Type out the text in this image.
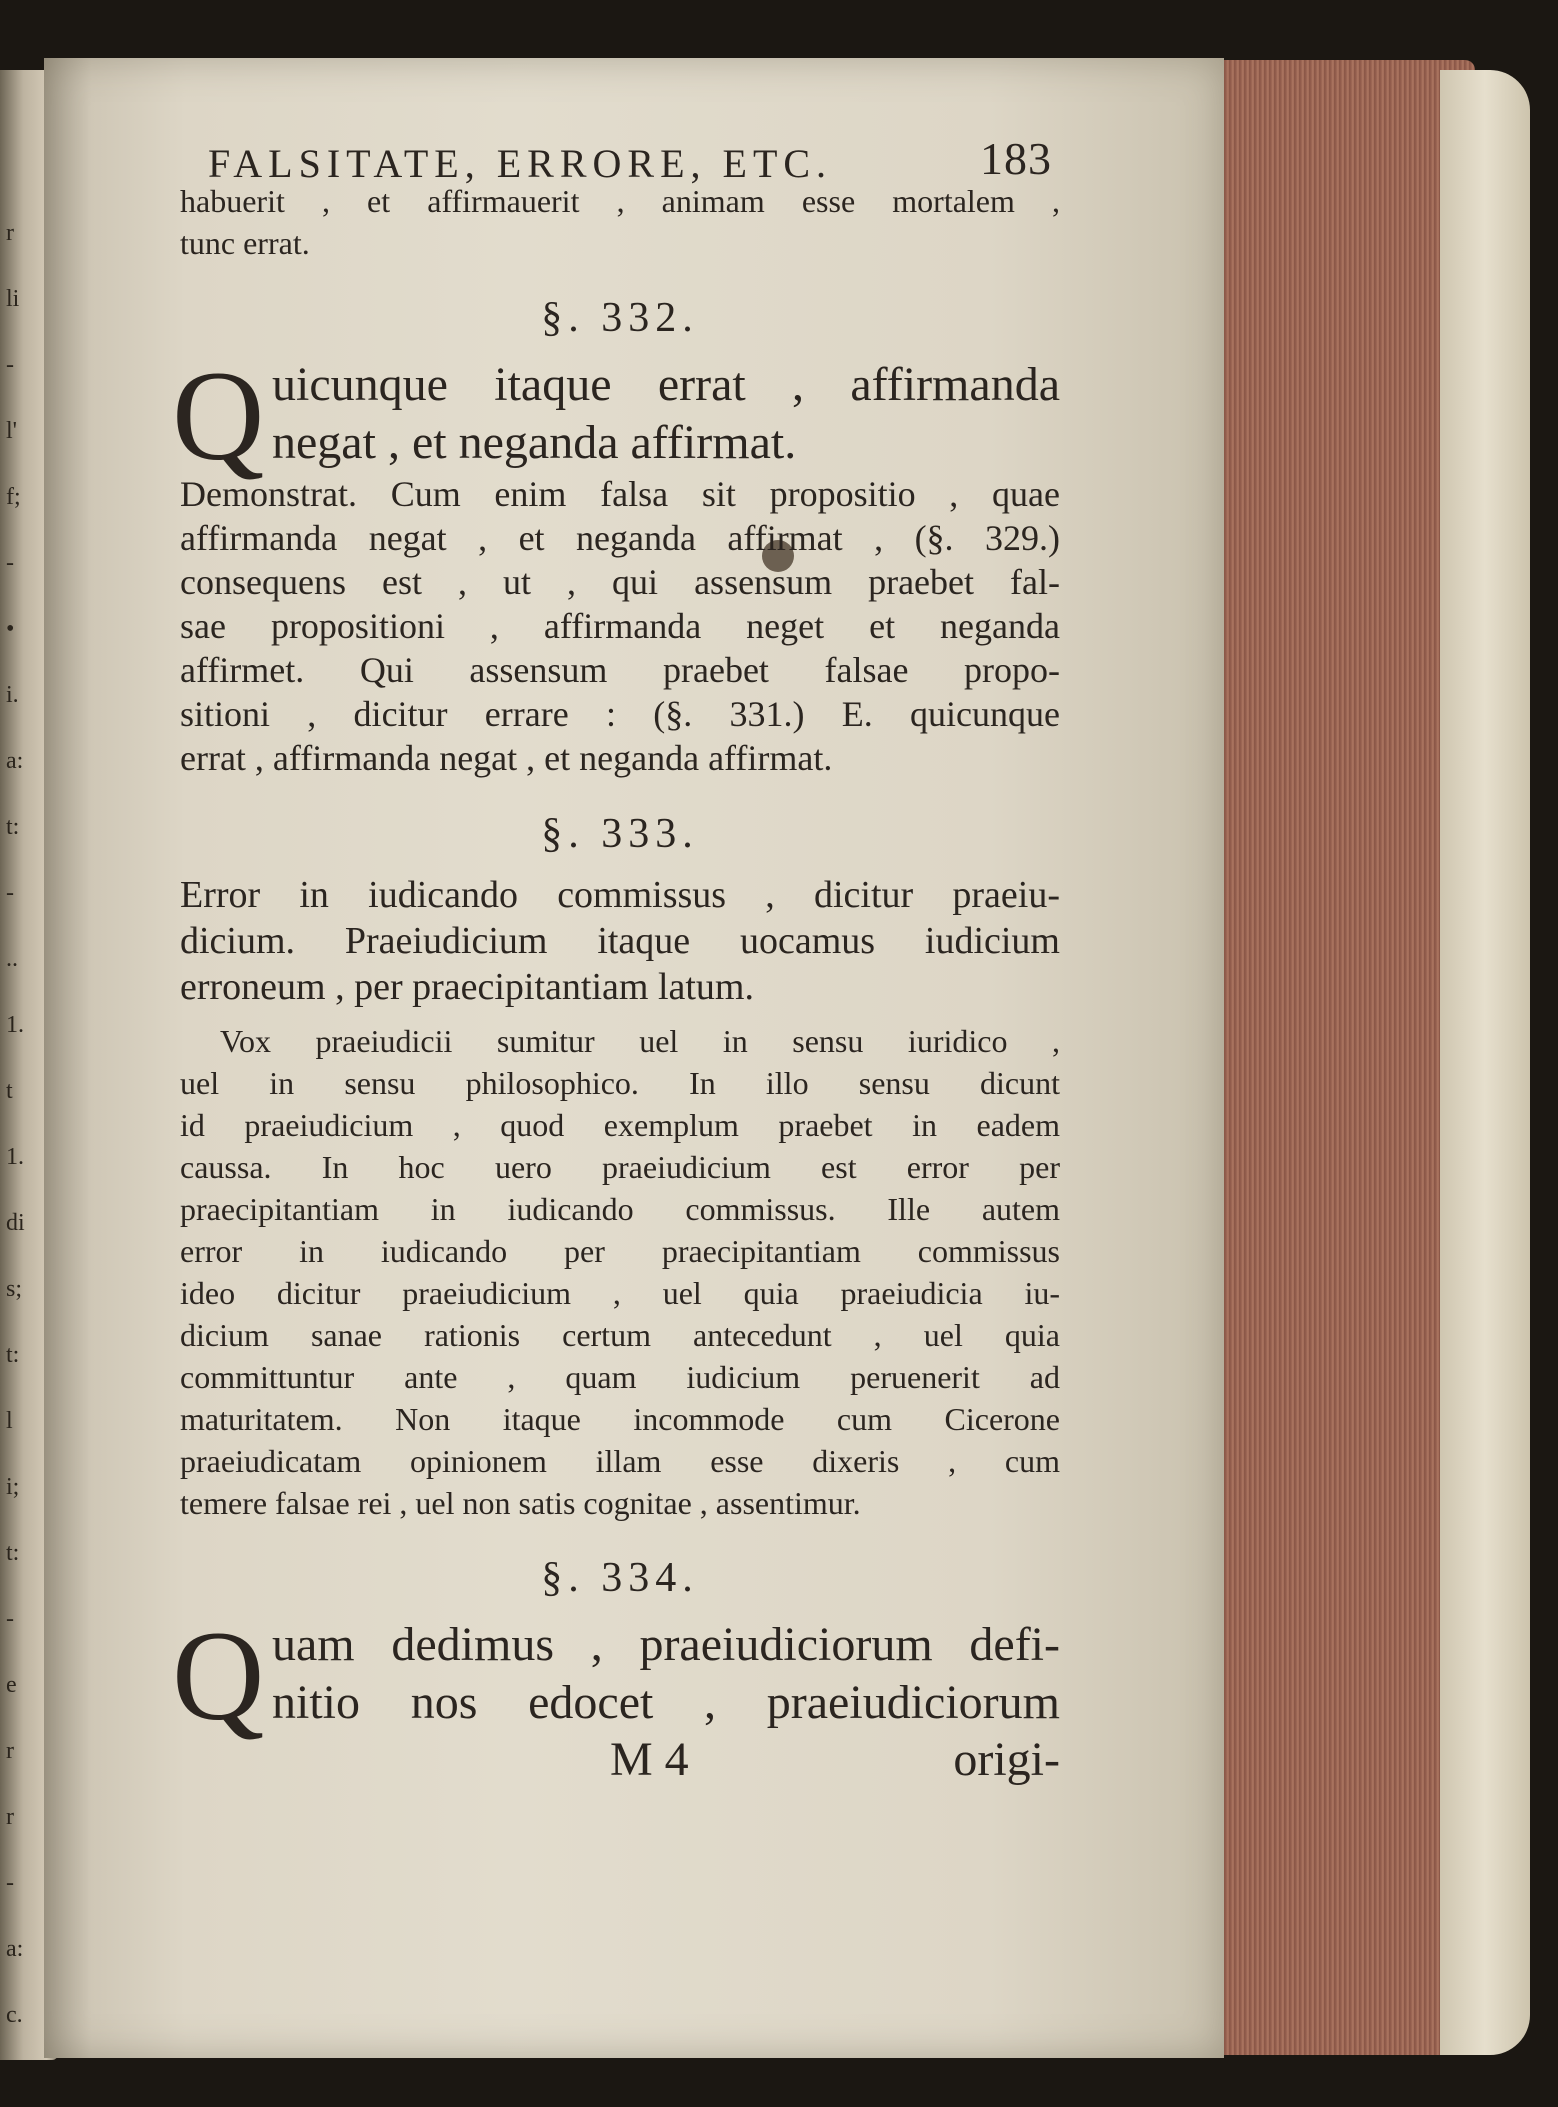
r
li
-
l'
f;
-
•
i.
a:
t:
-
..
1.
t
1.
di
s;
t:
l
i;
t:
-
e
r
r
-
a:
c.
FALSITATE, ERRORE, ETC.	183
habuerit , et affirmauerit , animam esse mortalem ,
tunc errat.
§. 332.
Q uicunque itaque errat , affirmanda
negat , et neganda affirmat.
Demonstrat. Cum enim falsa sit propositio , quae
affirmanda negat , et neganda affirmat , (§. 329.)
consequens est , ut , qui assensum praebet fal-
sae propositioni , affirmanda neget et neganda
affirmet. Qui assensum praebet falsae propo-
sitioni , dicitur errare : (§. 331.) E. quicunque
errat , affirmanda negat , et neganda affirmat.
§. 333.
Error in iudicando commissus , dicitur praeiu-
dicium. Praeiudicium itaque uocamus iudicium
erroneum , per praecipitantiam latum.
Vox praeiudicii sumitur uel in sensu iuridico ,
uel in sensu philosophico. In illo sensu dicunt
id praeiudicium , quod exemplum praebet in eadem
caussa. In hoc uero praeiudicium est error per
praecipitantiam in iudicando commissus. Ille autem
error in iudicando per praecipitantiam commissus
ideo dicitur praeiudicium , uel quia praeiudicia iu-
dicium sanae rationis certum antecedunt , uel quia
committuntur ante , quam iudicium peruenerit ad
maturitatem. Non itaque incommode cum Cicerone
praeiudicatam opinionem illam esse dixeris , cum
temere falsae rei , uel non satis cognitae , assentimur.
§. 334.
Q uam dedimus , praeiudiciorum defi-
nitio nos edocet , praeiudiciorum
M 4	origi-
